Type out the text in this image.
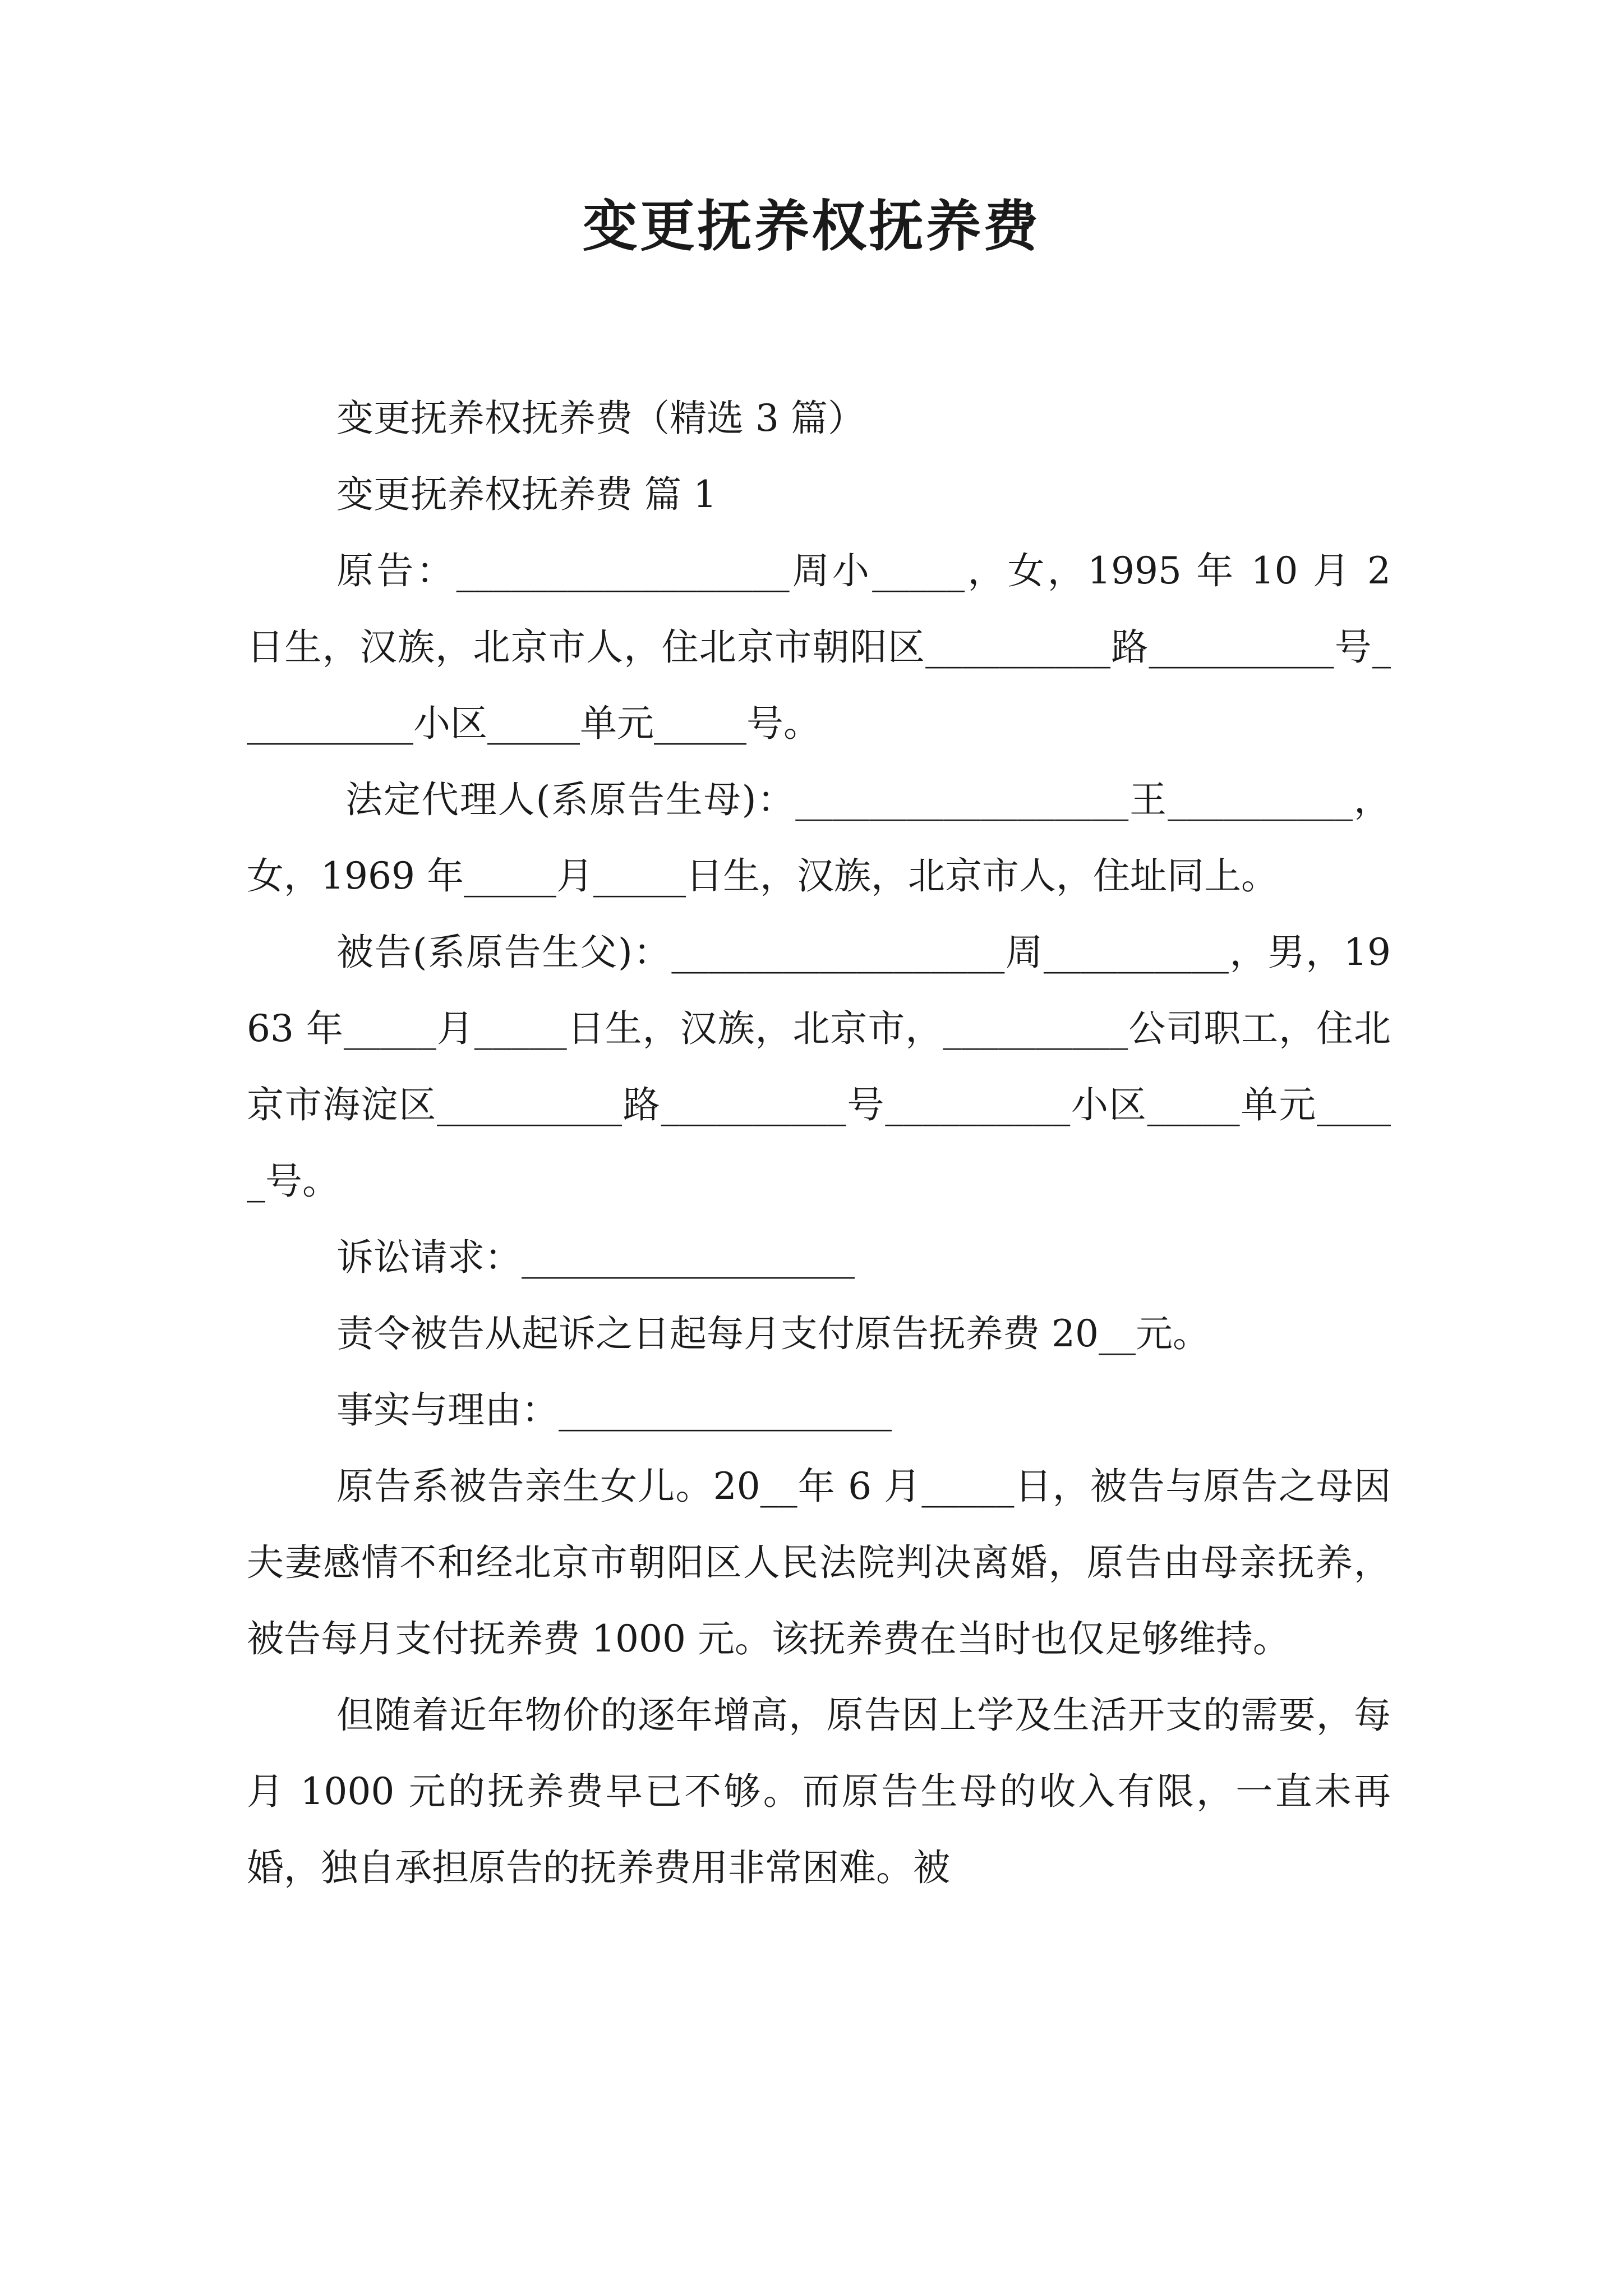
变更抚养权抚养费

变更抚养权抚养费（精选 3 篇）

变更抚养权抚养费 篇 1

原告：__________________周小_____，女，1995 年 10 月 2 日生，汉族，北京市人，住北京市朝阳区__________路__________号__________小区_____单元_____号。

法定代理人(系原告生母)：__________________王__________，女，1969 年_____月_____日生，汉族，北京市人，住址同上。

被告(系原告生父)：__________________周__________，男，1963 年_____月_____日生，汉族，北京市，__________公司职工，住北京市海淀区__________路__________号__________小区_____单元_____号。

诉讼请求：__________________

责令被告从起诉之日起每月支付原告抚养费 20__元。

事实与理由：__________________

原告系被告亲生女儿。20__年 6 月_____日，被告与原告之母因夫妻感情不和经北京市朝阳区人民法院判决离婚，原告由母亲抚养，被告每月支付抚养费 1000 元。该抚养费在当时也仅足够维持。

但随着近年物价的逐年增高，原告因上学及生活开支的需要，每月 1000 元的抚养费早已不够。而原告生母的收入有限，一直未再婚，独自承担原告的抚养费用非常困难。被
